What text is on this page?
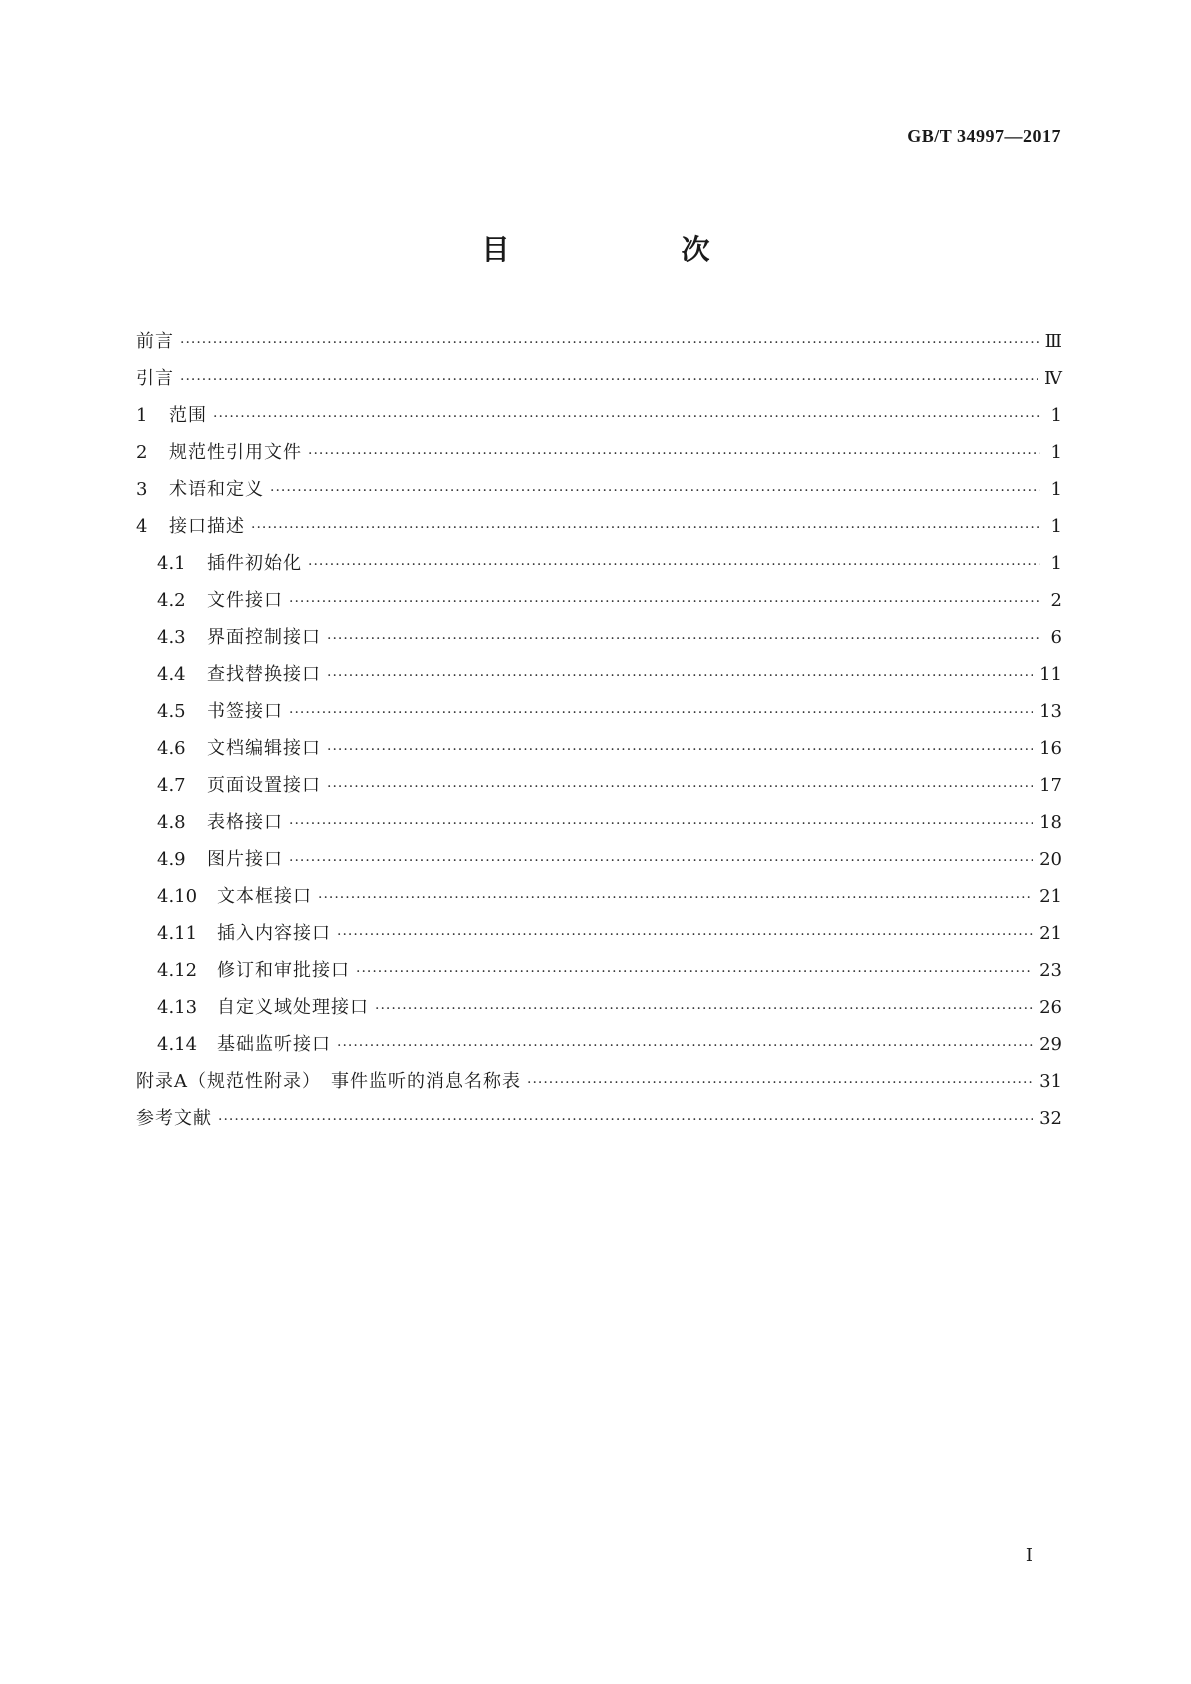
GB/T 34997—2017
目　次
前言 ·····	Ⅲ
引言 ·····	Ⅳ
1	范围 ·····	1
2	规范性引用文件 ·····	1
3	术语和定义 ·····	1
4	接口描述 ·····	1
4.1	插件初始化 ·····	1
4.2	文件接口 ·····	2
4.3	界面控制接口 ·····	6
4.4	查找替换接口 ·····	11
4.5	书签接口 ·····	13
4.6	文档编辑接口 ·····	16
4.7	页面设置接口 ·····	17
4.8	表格接口 ·····	18
4.9	图片接口 ·····	20
4.10	文本框接口 ·····	21
4.11	插入内容接口 ·····	21
4.12	修订和审批接口 ·····	23
4.13	自定义域处理接口 ·····	26
4.14	基础监听接口 ·····	29
附录A（规范性附录）　事件监听的消息名称表 ·····	31
参考文献 ·····	32
I
